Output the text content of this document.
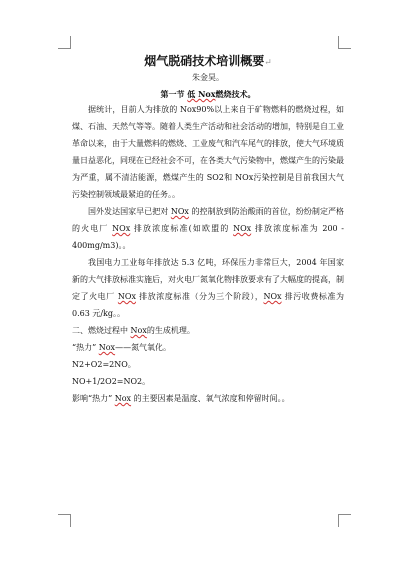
烟气脱硝技术培训概要↵
朱金昊。
第一节 低 Nox燃烧技术。

据统计，目前人为排放的 Nox90%以上来自于矿物燃料的燃烧过程，如煤、石油、天然气等等。随着人类生产活动和社会活动的增加，特别是自工业革命以来，由于大量燃料的燃烧、工业废气和汽车尾气的排放，使大气环境质量日益恶化，同现在已经社会不可，在各类大气污染物中，燃煤产生的污染最为严重，属不清洁能源，燃煤产生的 SO2和 NOx污染控制是目前我国大气污染控制领域最紧迫的任务。。

国外发达国家早已把对 NOx 的控制放到防治酸雨的首位，纷纷制定严格的火电厂 NOx 排放浓度标准(如欧盟的 NOx 排放浓度标准为 200 - 400mg/m3)。。

我国电力工业每年排放达 5.3 亿吨，环保压力非常巨大，2004 年国家新的大气排放标准实施后，对火电厂氮氧化物排放要求有了大幅度的提高，制定了火电厂 NOx 排放浓度标准（分为三个阶段），NOx 排污收费标准为 0.63 元/kg。。

二、燃烧过程中 Nox的生成机理。

“热力” Nox——氮气氧化。

N2+O2=2NO。

NO+1/2O2=NO2。

影响“热力” Nox 的主要因素是温度、氧气浓度和停留时间。。
